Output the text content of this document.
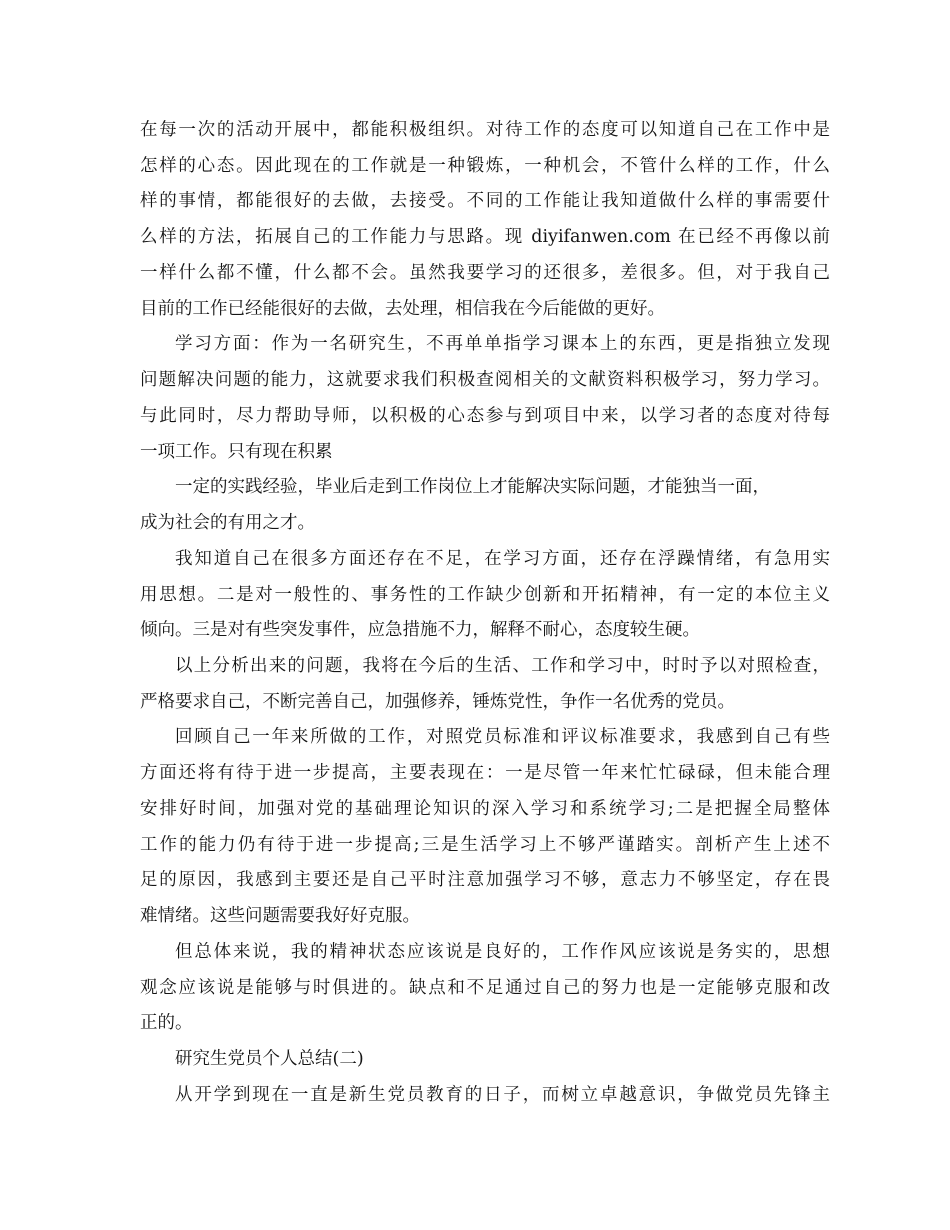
在每一次的活动开展中，都能积极组织。对待工作的态度可以知道自己在工作中是
怎样的心态。因此现在的工作就是一种锻炼，一种机会，不管什么样的工作，什么
样的事情，都能很好的去做，去接受。不同的工作能让我知道做什么样的事需要什
么样的方法，拓展自己的工作能力与思路。现 diyifanwen.com 在已经不再像以前
一样什么都不懂，什么都不会。虽然我要学习的还很多，差很多。但，对于我自己
目前的工作已经能很好的去做，去处理，相信我在今后能做的更好。
学习方面：作为一名研究生，不再单单指学习课本上的东西，更是指独立发现
问题解决问题的能力，这就要求我们积极查阅相关的文献资料积极学习，努力学习。
与此同时，尽力帮助导师，以积极的心态参与到项目中来，以学习者的态度对待每
一项工作。只有现在积累
一定的实践经验，毕业后走到工作岗位上才能解决实际问题，才能独当一面，
成为社会的有用之才。
我知道自己在很多方面还存在不足，在学习方面，还存在浮躁情绪，有急用实
用思想。二是对一般性的、事务性的工作缺少创新和开拓精神，有一定的本位主义
倾向。三是对有些突发事件，应急措施不力，解释不耐心，态度较生硬。
以上分析出来的问题，我将在今后的生活、工作和学习中，时时予以对照检查，
严格要求自己，不断完善自己，加强修养，锤炼党性，争作一名优秀的党员。
回顾自己一年来所做的工作，对照党员标准和评议标准要求，我感到自己有些
方面还将有待于进一步提高，主要表现在：一是尽管一年来忙忙碌碌，但未能合理
安排好时间，加强对党的基础理论知识的深入学习和系统学习;二是把握全局整体
工作的能力仍有待于进一步提高;三是生活学习上不够严谨踏实。剖析产生上述不
足的原因，我感到主要还是自己平时注意加强学习不够，意志力不够坚定，存在畏
难情绪。这些问题需要我好好克服。
但总体来说，我的精神状态应该说是良好的，工作作风应该说是务实的，思想
观念应该说是能够与时俱进的。缺点和不足通过自己的努力也是一定能够克服和改
正的。
研究生党员个人总结(二)
从开学到现在一直是新生党员教育的日子，而树立卓越意识，争做党员先锋主
